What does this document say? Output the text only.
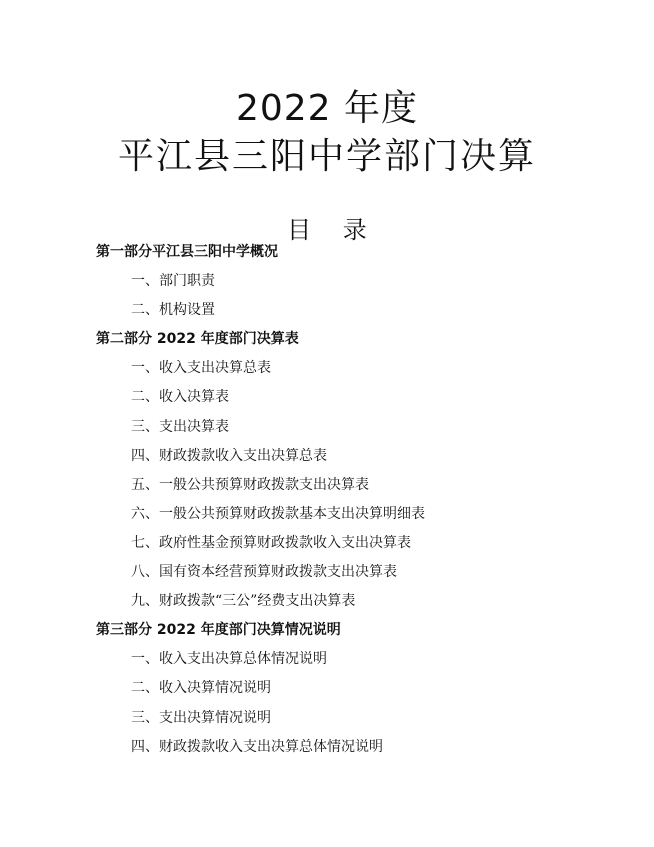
2022 年度
平江县三阳中学部门决算
目 录
第一部分平江县三阳中学概况
一、部门职责
二、机构设置
第二部分 2022 年度部门决算表
一、收入支出决算总表
二、收入决算表
三、支出决算表
四、财政拨款收入支出决算总表
五、一般公共预算财政拨款支出决算表
六、一般公共预算财政拨款基本支出决算明细表
七、政府性基金预算财政拨款收入支出决算表
八、国有资本经营预算财政拨款支出决算表
九、财政拨款“三公”经费支出决算表
第三部分 2022 年度部门决算情况说明
一、收入支出决算总体情况说明
二、收入决算情况说明
三、支出决算情况说明
四、财政拨款收入支出决算总体情况说明
